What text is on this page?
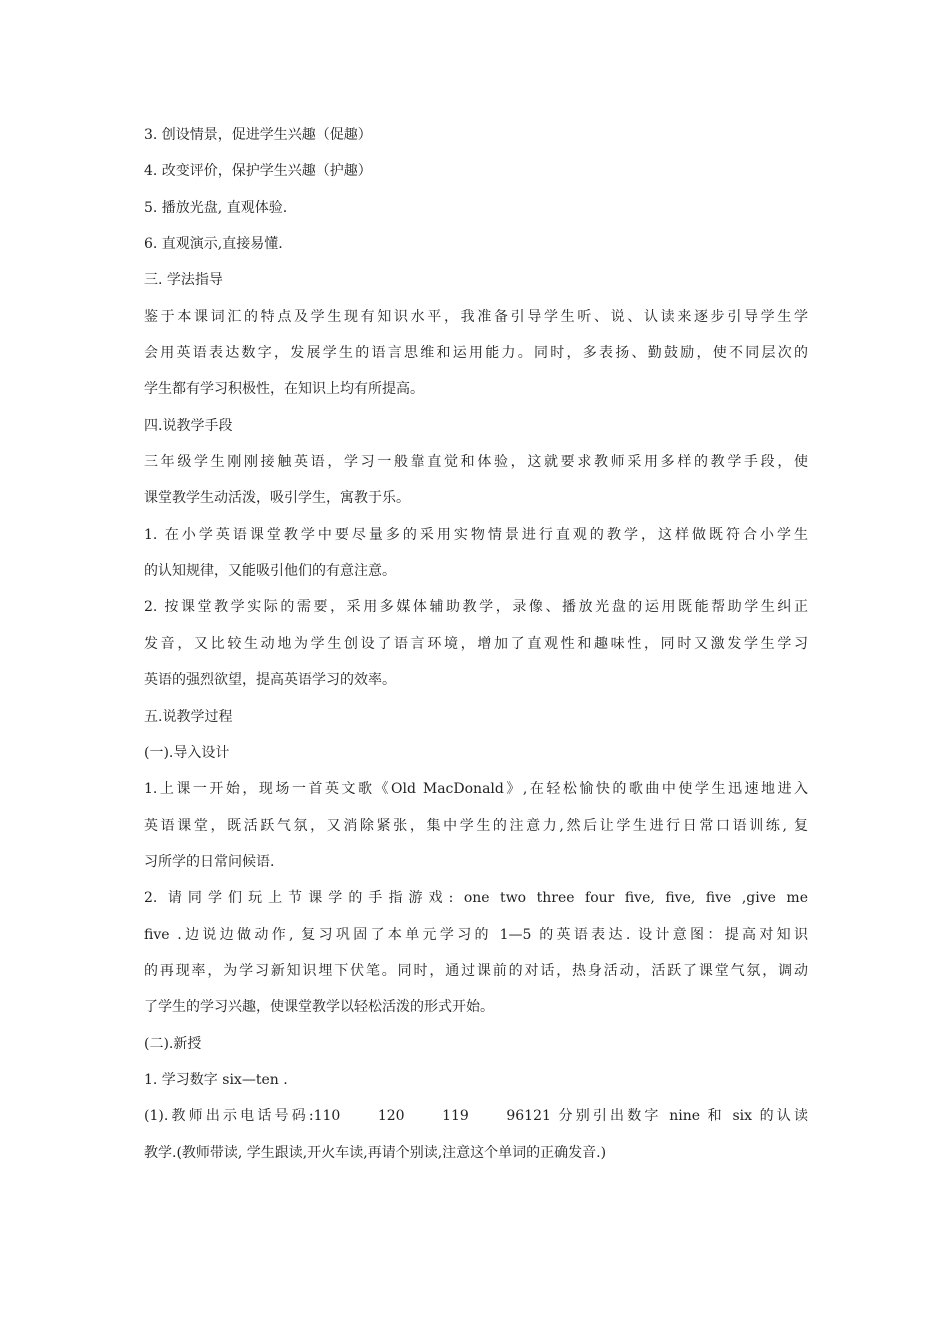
3. 创设情景，促进学生兴趣（促趣）
4. 改变评价，保护学生兴趣（护趣）
5. 播放光盘, 直观体验.
6. 直观演示,直接易懂.
三. 学法指导
鉴于本课词汇的特点及学生现有知识水平，我准备引导学生听、说、认读来逐步引导学生学
会用英语表达数字，发展学生的语言思维和运用能力。同时，多表扬、勤鼓励，使不同层次的
学生都有学习积极性，在知识上均有所提高。
四.说教学手段
三年级学生刚刚接触英语，学习一般靠直觉和体验，这就要求教师采用多样的教学手段，使
课堂教学生动活泼，吸引学生，寓教于乐。
1. 在小学英语课堂教学中要尽量多的采用实物情景进行直观的教学，这样做既符合小学生
的认知规律，又能吸引他们的有意注意。
2. 按课堂教学实际的需要，采用多媒体辅助教学，录像、播放光盘的运用既能帮助学生纠正
发音，又比较生动地为学生创设了语言环境，增加了直观性和趣味性，同时又激发学生学习
英语的强烈欲望，提高英语学习的效率。
五.说教学过程
(一).导入设计
1.上课一开始，现场一首英文歌《Old MacDonald》,在轻松愉快的歌曲中使学生迅速地进入
英语课堂，既活跃气氛，又消除紧张，集中学生的注意力,然后让学生进行日常口语训练, 复
习所学的日常问候语.
2. 请同学们玩上节课学的手指游戏: one two three four five, five, five ,give me
five .边说边做动作, 复习巩固了本单元学习的 1—5 的英语表达. 设计意图：提高对知识
的再现率，为学习新知识埋下伏笔。同时，通过课前的对话，热身活动，活跃了课堂气氛，调动
了学生的学习兴趣，使课堂教学以轻松活泼的形式开始。
(二).新授
1. 学习数字 six—ten .
(1).教师出示电话号码:110　　120　　119　　96121 分别引出数字 nine 和 six 的认读
教学.(教师带读, 学生跟读,开火车读,再请个别读,注意这个单词的正确发音.)
